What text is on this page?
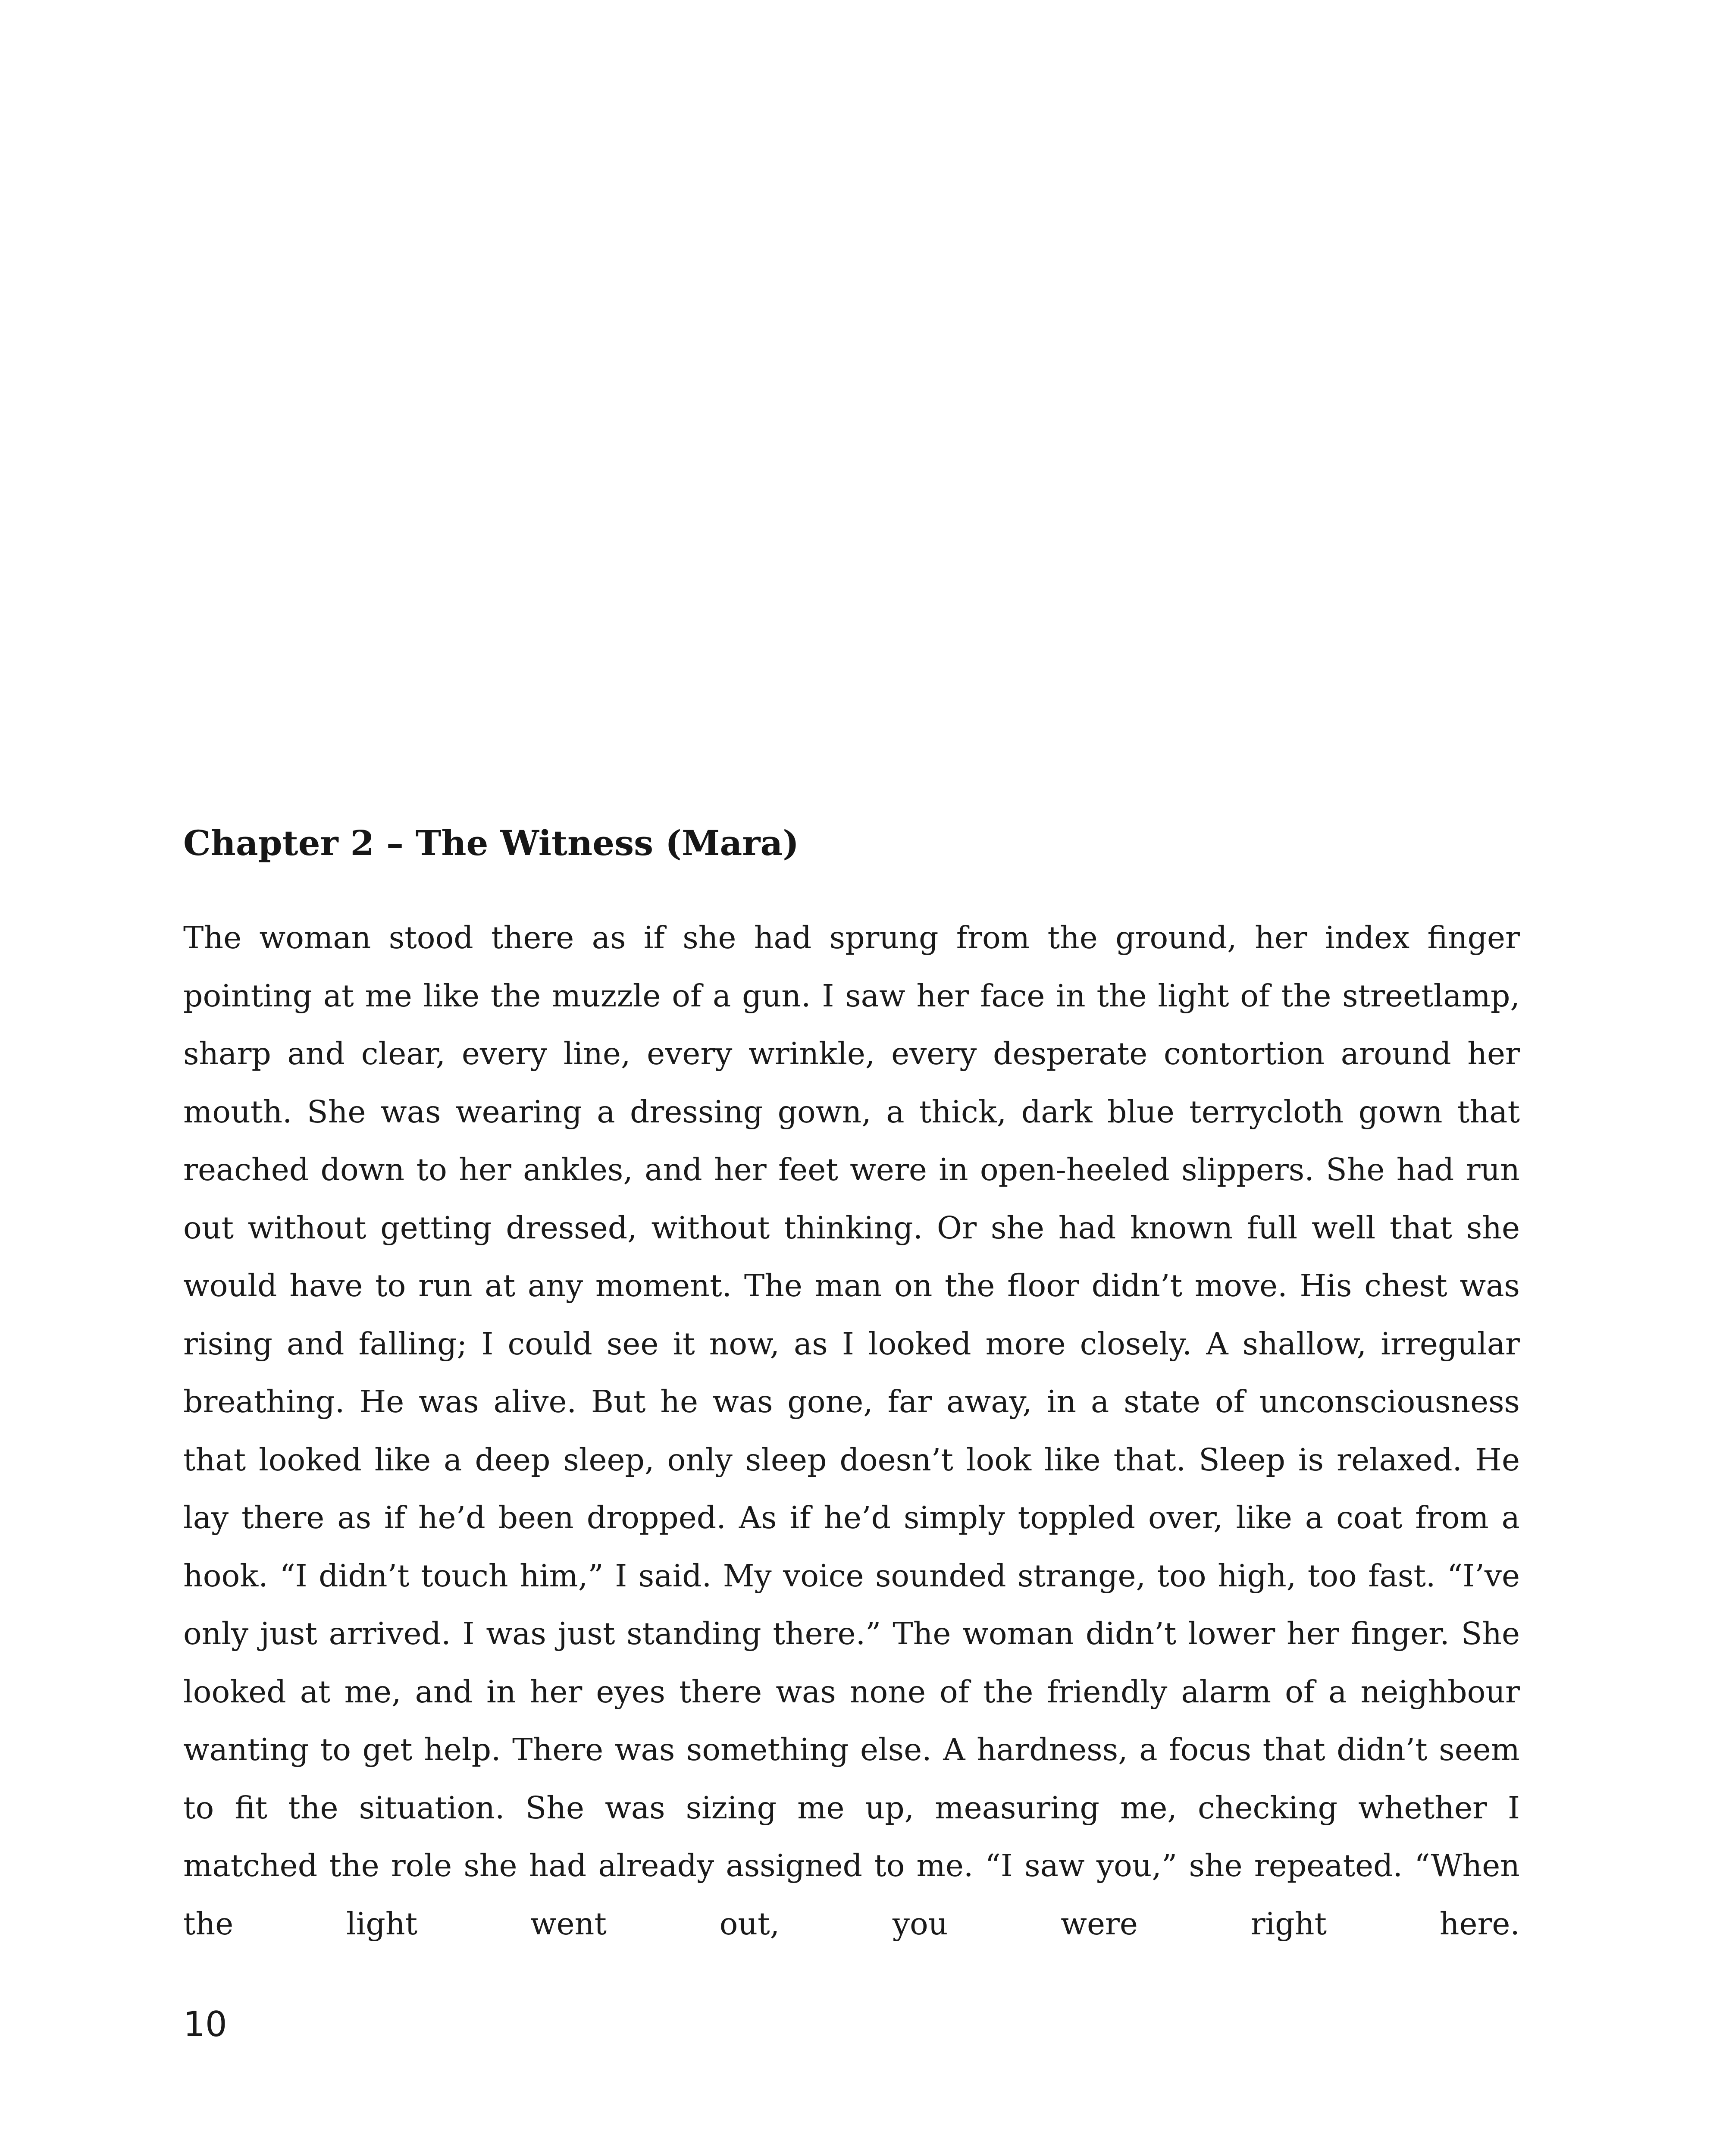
Chapter 2 – The Witness (Mara)

The woman stood there as if she had sprung from the ground, her index finger pointing at me like the muzzle of a gun. I saw her face in the light of the streetlamp, sharp and clear, every line, every wrinkle, every desperate contortion around her mouth. She was wearing a dressing gown, a thick, dark blue terrycloth gown that reached down to her ankles, and her feet were in open-heeled slippers. She had run out without getting dressed, without thinking. Or she had known full well that she would have to run at any moment. The man on the floor didn’t move. His chest was rising and falling; I could see it now, as I looked more closely. A shallow, irregular breathing. He was alive. But he was gone, far away, in a state of unconsciousness that looked like a deep sleep, only sleep doesn’t look like that. Sleep is relaxed. He lay there as if he’d been dropped. As if he’d simply toppled over, like a coat from a hook. “I didn’t touch him,” I said. My voice sounded strange, too high, too fast. “I’ve only just arrived. I was just standing there.” The woman didn’t lower her finger. She looked at me, and in her eyes there was none of the friendly alarm of a neighbour wanting to get help. There was something else. A hardness, a focus that didn’t seem to fit the situation. She was sizing me up, measuring me, checking whether I matched the role she had already assigned to me. “I saw you,” she repeated. “When the light went out, you were right here.

10
